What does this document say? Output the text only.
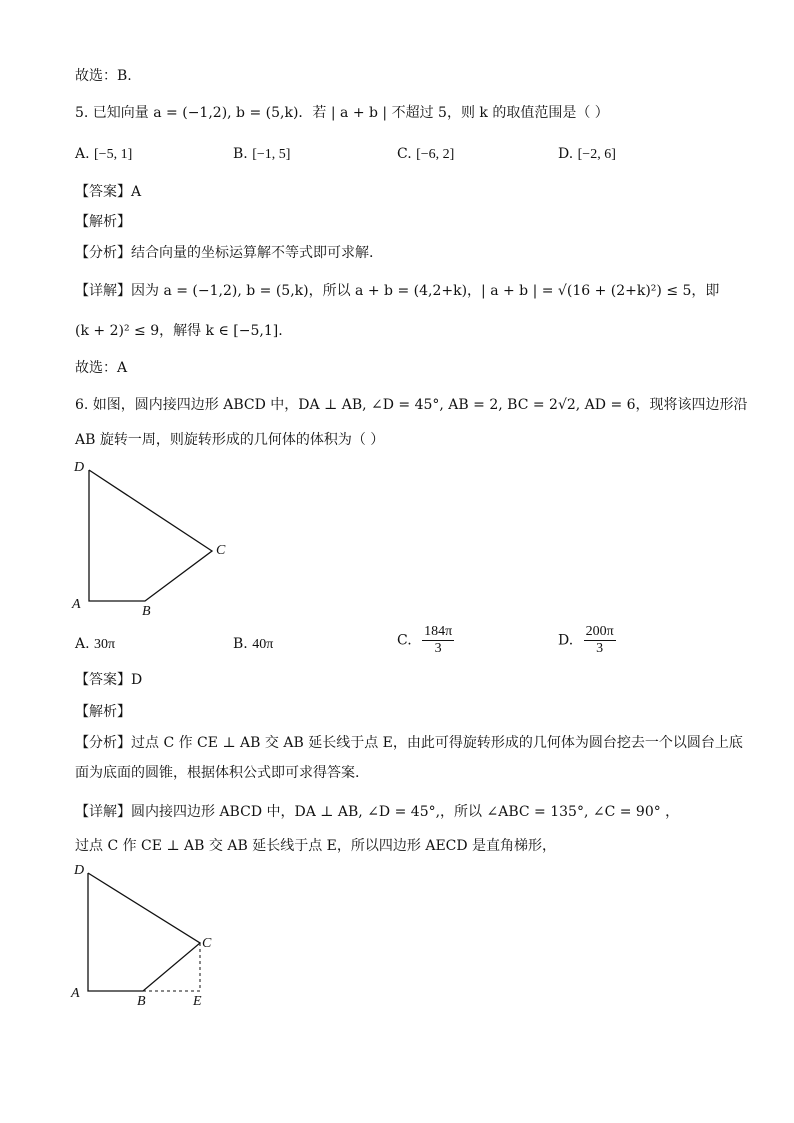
故选：B.
5. 已知向量 a = (−1,2), b = (5,k)．若 | a + b | 不超过 5，则 k 的取值范围是（ ）
A. [−5, 1]	B. [−1, 5]	C. [−6, 2]	D. [−2, 6]
【答案】A
【解析】
【分析】结合向量的坐标运算解不等式即可求解.
【详解】因为 a = (−1,2), b = (5,k)，所以 a + b = (4,2+k)，| a + b | = √(16 + (2+k)²) ≤ 5，即
(k + 2)² ≤ 9，解得 k ∈ [−5,1].
故选：A
6. 如图，圆内接四边形 ABCD 中，DA ⊥ AB, ∠D = 45°, AB = 2, BC = 2√2, AD = 6，现将该四边形沿
AB 旋转一周，则旋转形成的几何体的体积为（ ）
D
C
A	B
A. 30π	B. 40π	C. $\frac{184\pi}{3}$	D. $\frac{200\pi}{3}$
【答案】D
【解析】
【分析】过点 C 作 CE ⊥ AB 交 AB 延长线于点 E，由此可得旋转形成的几何体为圆台挖去一个以圆台上底
面为底面的圆锥，根据体积公式即可求得答案.
【详解】圆内接四边形 ABCD 中，DA ⊥ AB, ∠D = 45°,，所以 ∠ABC = 135°, ∠C = 90° ，
过点 C 作 CE ⊥ AB 交 AB 延长线于点 E，所以四边形 AECD 是直角梯形，
D
C
A
B	E
